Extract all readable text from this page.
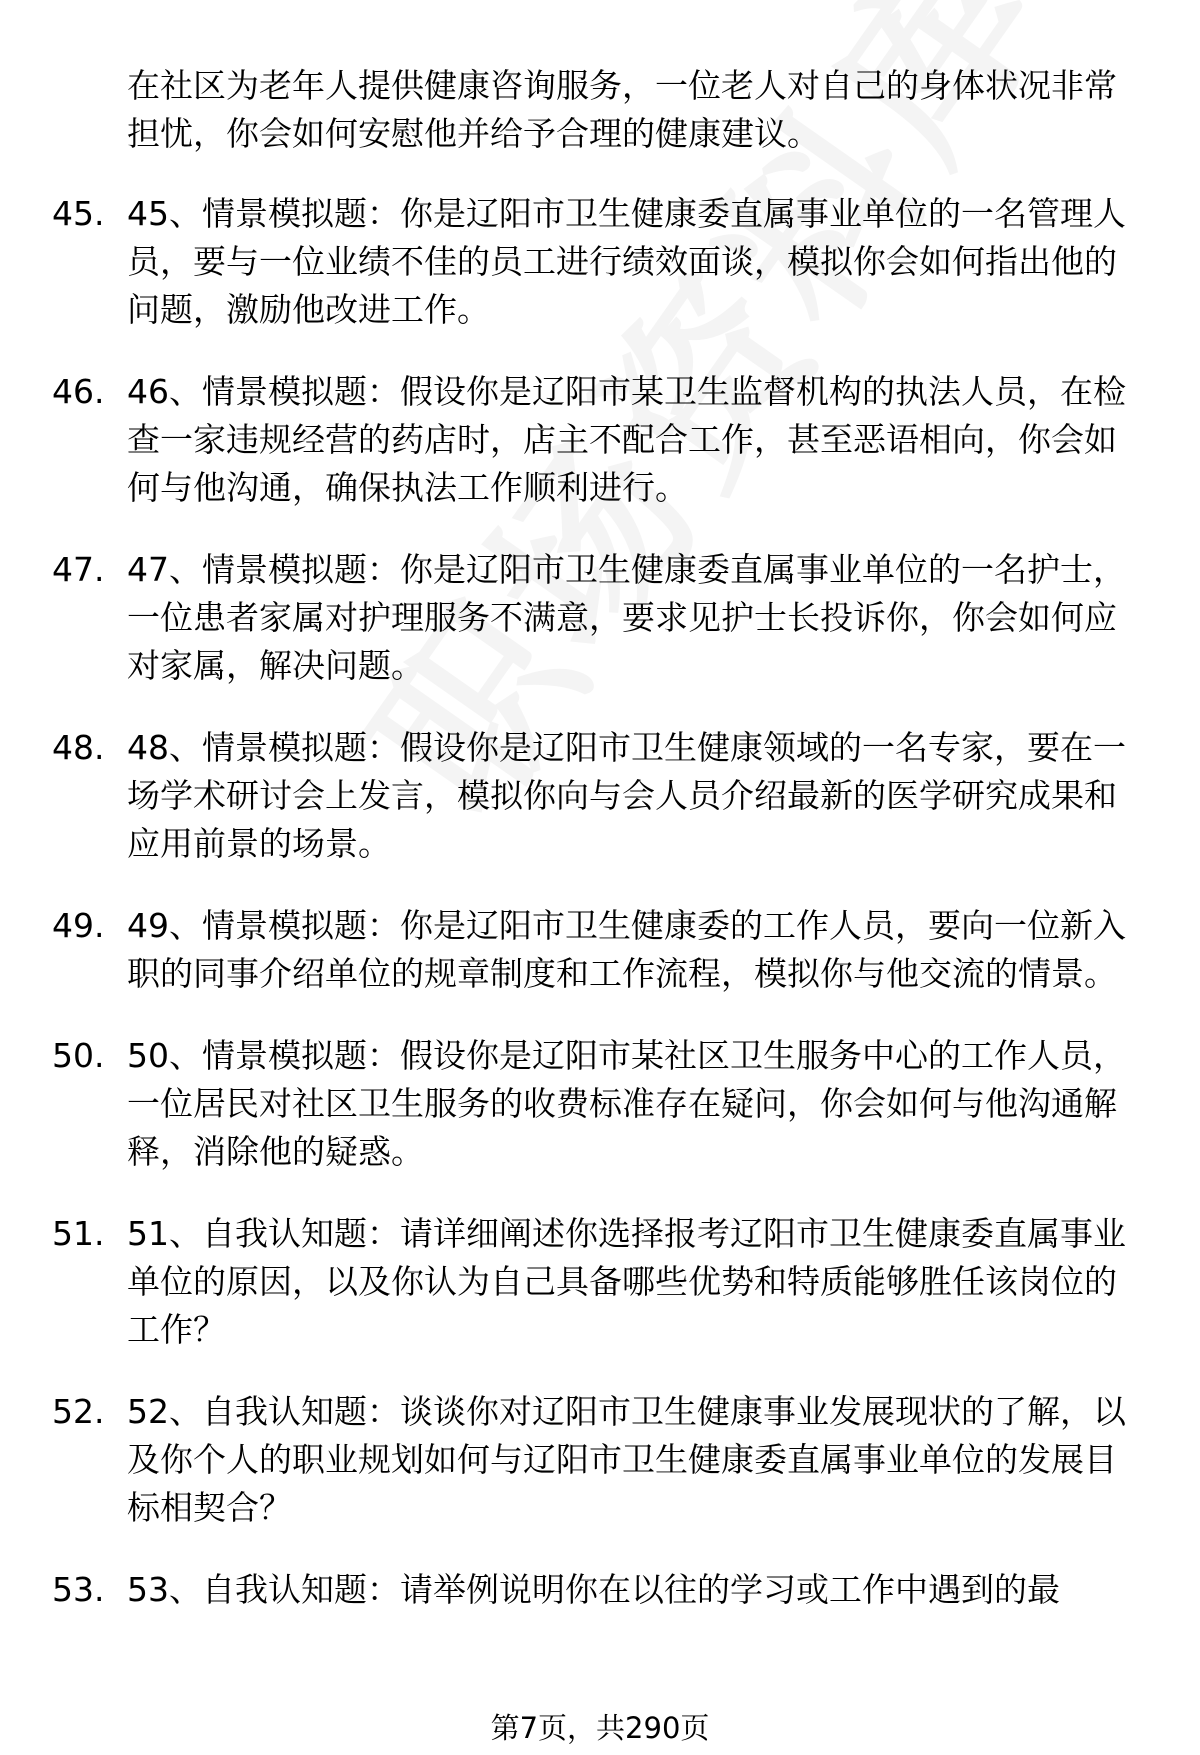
在社区为老年人提供健康咨询服务，一位老人对自己的身体状况非常担忧，你会如何安慰他并给予合理的健康建议。
45. 45、情景模拟题：你是辽阳市卫生健康委直属事业单位的一名管理人员，要与一位业绩不佳的员工进行绩效面谈，模拟你会如何指出他的问题，激励他改进工作。
46. 46、情景模拟题：假设你是辽阳市某卫生监督机构的执法人员，在检查一家违规经营的药店时，店主不配合工作，甚至恶语相向，你会如何与他沟通，确保执法工作顺利进行。
47. 47、情景模拟题：你是辽阳市卫生健康委直属事业单位的一名护士，一位患者家属对护理服务不满意，要求见护士长投诉你，你会如何应对家属，解决问题。
48. 48、情景模拟题：假设你是辽阳市卫生健康领域的一名专家，要在一场学术研讨会上发言，模拟你向与会人员介绍最新的医学研究成果和应用前景的场景。
49. 49、情景模拟题：你是辽阳市卫生健康委的工作人员，要向一位新入职的同事介绍单位的规章制度和工作流程，模拟你与他交流的情景。
50. 50、情景模拟题：假设你是辽阳市某社区卫生服务中心的工作人员，一位居民对社区卫生服务的收费标准存在疑问，你会如何与他沟通解释，消除他的疑惑。
51. 51、自我认知题：请详细阐述你选择报考辽阳市卫生健康委直属事业单位的原因，以及你认为自己具备哪些优势和特质能够胜任该岗位的工作？
52. 52、自我认知题：谈谈你对辽阳市卫生健康事业发展现状的了解，以及你个人的职业规划如何与辽阳市卫生健康委直属事业单位的发展目标相契合？
53. 53、自我认知题：请举例说明你在以往的学习或工作中遇到的最
第7页，共290页
